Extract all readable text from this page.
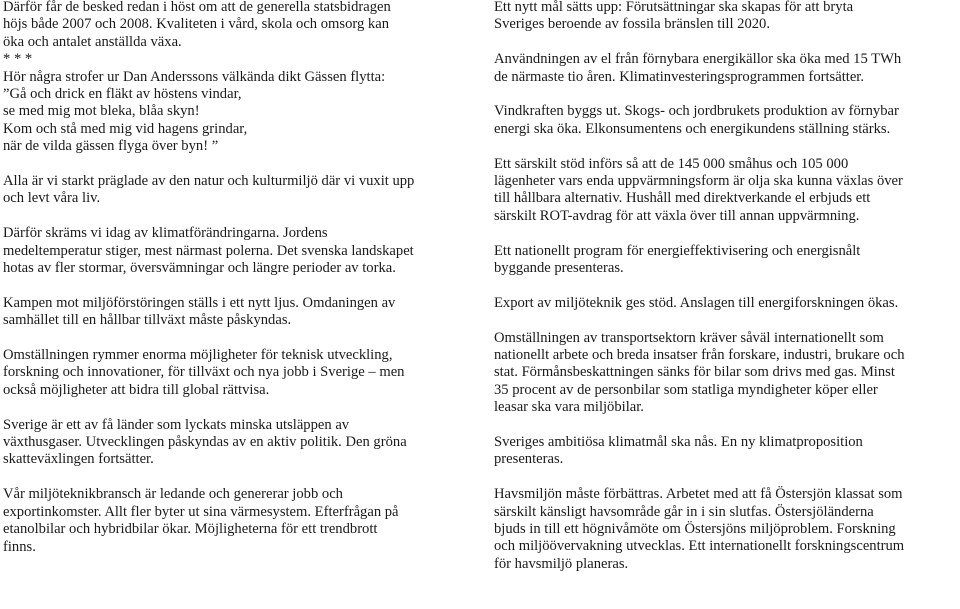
Därför får de besked redan i höst om att de generella statsbidragen
höjs både 2007 och 2008. Kvaliteten i vård, skola och omsorg kan
öka och antalet anställda växa.

* * *

Hör några strofer ur Dan Anderssons välkända dikt Gässen flytta:
”Gå och drick en fläkt av höstens vindar,
se med mig mot bleka, blåa skyn!
Kom och stå med mig vid hagens grindar,
när de vilda gässen flyga över byn! ”

Alla är vi starkt präglade av den natur och kulturmiljö där vi vuxit upp
och levt våra liv.

Därför skräms vi idag av klimatförändringarna. Jordens
medeltemperatur stiger, mest närmast polerna. Det svenska landskapet
hotas av fler stormar, översvämningar och längre perioder av torka.

Kampen mot miljöförstöringen ställs i ett nytt ljus. Omdaningen av
samhället till en hållbar tillväxt måste påskyndas.

Omställningen rymmer enorma möjligheter för teknisk utveckling,
forskning och innovationer, för tillväxt och nya jobb i Sverige – men
också möjligheter att bidra till global rättvisa.

Sverige är ett av få länder som lyckats minska utsläppen av
växthusgaser. Utvecklingen påskyndas av en aktiv politik. Den gröna
skatteväxlingen fortsätter.

Vår miljöteknikbransch är ledande och genererar jobb och
exportinkomster. Allt fler byter ut sina värmesystem. Efterfrågan på
etanolbilar och hybridbilar ökar. Möjligheterna för ett trendbrott
finns.

Ett nytt mål sätts upp: Förutsättningar ska skapas för att bryta
Sveriges beroende av fossila bränslen till 2020.

Användningen av el från förnybara energikällor ska öka med 15 TWh
de närmaste tio åren. Klimatinvesteringsprogrammen fortsätter.

Vindkraften byggs ut. Skogs- och jordbrukets produktion av förnybar
energi ska öka. Elkonsumentens och energikundens ställning stärks.

Ett särskilt stöd införs så att de 145 000 småhus och 105 000
lägenheter vars enda uppvärmningsform är olja ska kunna växlas över
till hållbara alternativ. Hushåll med direktverkande el erbjuds ett
särskilt ROT-avdrag för att växla över till annan uppvärmning.

Ett nationellt program för energieffektivisering och energisnålt
byggande presenteras.

Export av miljöteknik ges stöd. Anslagen till energiforskningen ökas.

Omställningen av transportsektorn kräver såväl internationellt som
nationellt arbete och breda insatser från forskare, industri, brukare och
stat. Förmånsbeskattningen sänks för bilar som drivs med gas. Minst
35 procent av de personbilar som statliga myndigheter köper eller
leasar ska vara miljöbilar.

Sveriges ambitiösa klimatmål ska nås. En ny klimatproposition
presenteras.

Havsmiljön måste förbättras. Arbetet med att få Östersjön klassat som
särskilt känsligt havsområde går in i sin slutfas. Östersjöländerna
bjuds in till ett högnivåmöte om Östersjöns miljöproblem. Forskning
och miljöövervakning utvecklas. Ett internationellt forskningscentrum
för havsmiljö planeras.
